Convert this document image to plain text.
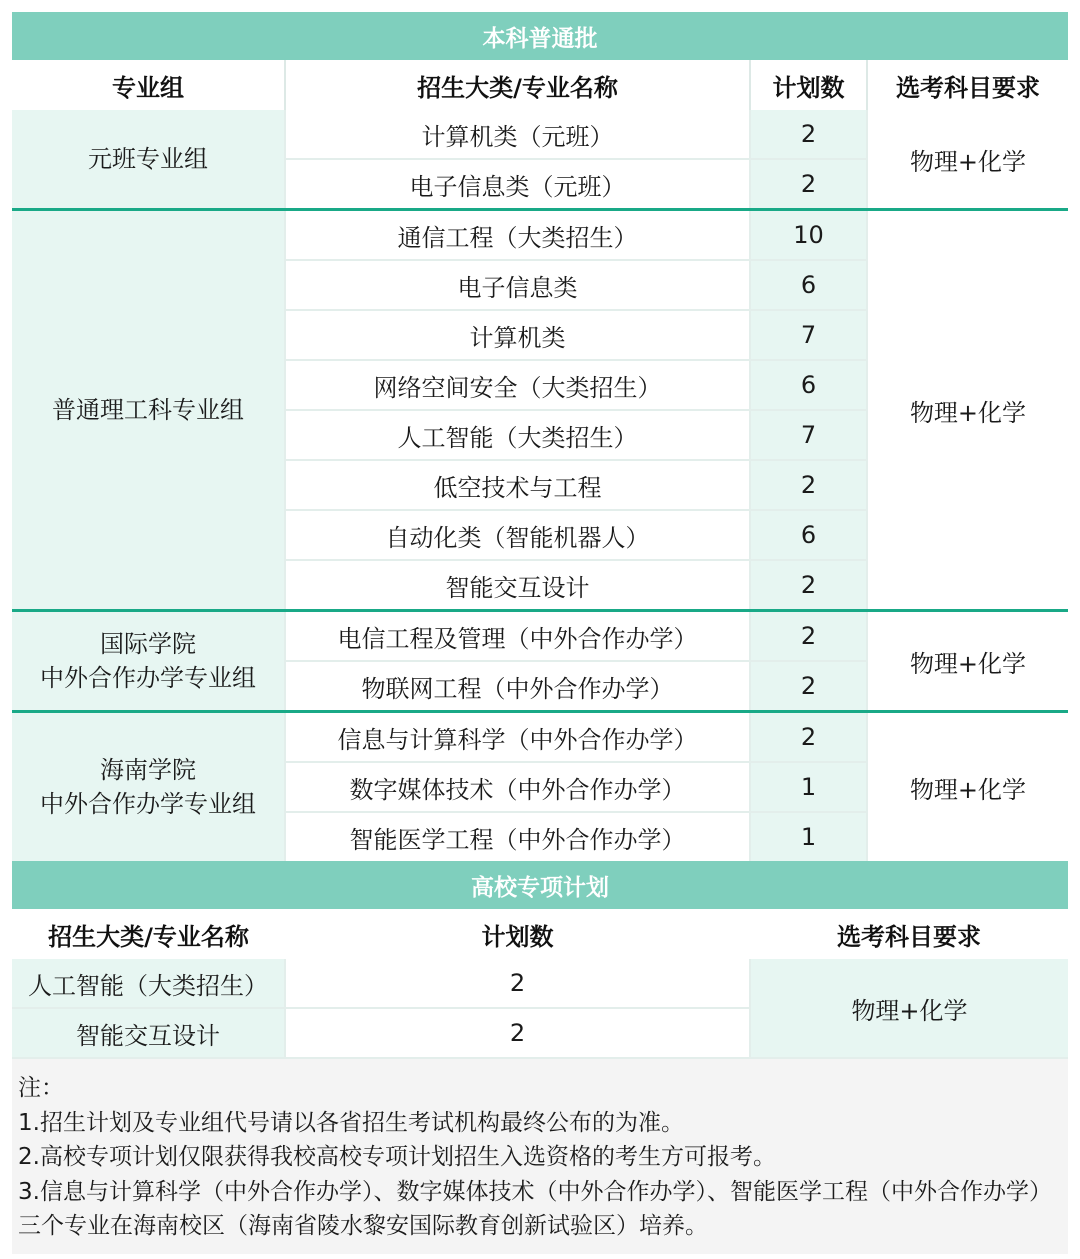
本科普通批			
专业组	招生大类/专业名称	计划数	选考科目要求

元班专业组	计算机类（元班）	2	物理+化学
	电子信息类（元班）	2	

普通理工科专业组	通信工程（大类招生）	10	物理+化学
	电子信息类	6	
	计算机类	7	
	网络空间安全（大类招生）	6	
	人工智能（大类招生）	7	
	低空技术与工程	2	
	自动化类（智能机器人）	6	
	智能交互设计	2	

国际学院
中外合作办学专业组	电信工程及管理（中外合作办学）	2	物理+化学
	物联网工程（中外合作办学）	2	

海南学院
中外合作办学专业组	信息与计算科学（中外合作办学）	2	物理+化学
	数字媒体技术（中外合作办学）	1	
	智能医学工程（中外合作办学）	1	
高校专项计划		
招生大类/专业名称	计划数	选考科目要求
人工智能（大类招生）	2	物理+化学
智能交互设计	2	
注：
1.招生计划及专业组代号请以各省招生考试机构最终公布的为准。
2.高校专项计划仅限获得我校高校专项计划招生入选资格的考生方可报考。
3.信息与计算科学（中外合作办学）、数字媒体技术（中外合作办学）、智能医学工程（中外合作办学）三个专业在海南校区（海南省陵水黎安国际教育创新试验区）培养。
